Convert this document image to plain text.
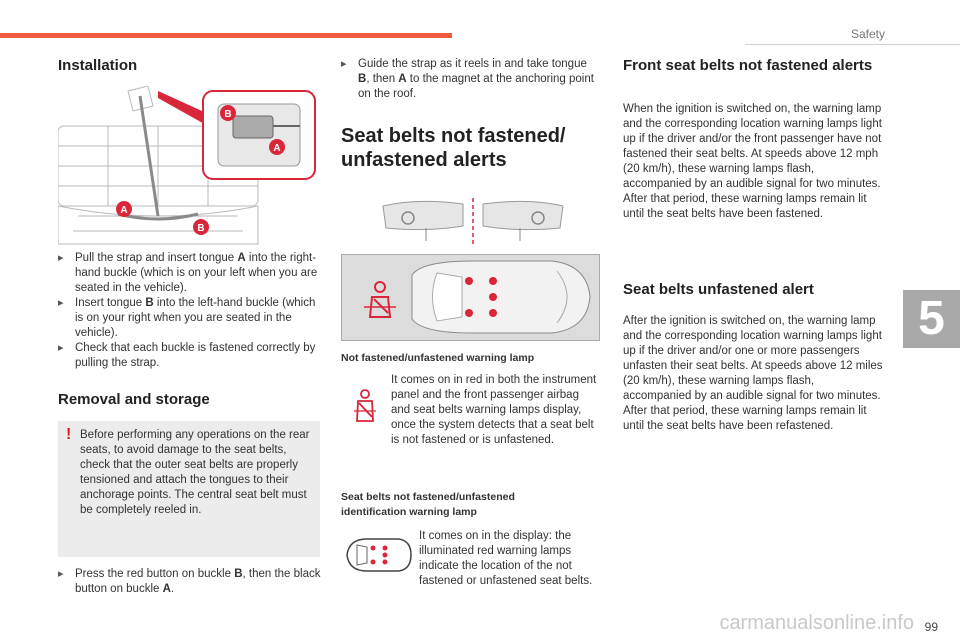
Safety
5
Installation
B
A
A
B

▸ Pull the strap and insert tongue A into the right-hand buckle (which is on your left when you are seated in the vehicle).

▸ Insert tongue B into the left-hand buckle (which is on your right when you are seated in the vehicle).

▸ Check that each buckle is fastened correctly by pulling the strap.

Removal and storage
! Before performing any operations on the rear seats, to avoid damage to the seat belts, check that the outer seat belts are properly tensioned and attach the tongues to their anchorage points. The central seat belt must be completely reeled in.

▸ Press the red button on buckle B, then the black button on buckle A.

▸ Guide the strap as it reels in and take tongue B, then A to the magnet at the anchoring point on the roof.

Seat belts not fastened/ unfastened alerts
Not fastened/unfastened warning lamp
It comes on in red in both the instrument panel and the front passenger airbag and seat belts warning lamps display, once the system detects that a seat belt is not fastened or is unfastened.
Seat belts not fastened/unfastened identification warning lamp
It comes on in the display: the illuminated red warning lamps indicate the location of the not fastened or unfastened seat belts.
Front seat belts not fastened alerts
When the ignition is switched on, the warning lamp and the corresponding location warning lamps light up if the driver and/or the front passenger have not fastened their seat belts. At speeds above 12 mph (20 km/h), these warning lamps flash, accompanied by an audible signal for two minutes. After that period, these warning lamps remain lit until the seat belts have been fastened.
Seat belts unfastened alert
After the ignition is switched on, the warning lamp and the corresponding location warning lamps light up if the driver and/or one or more passengers unfasten their seat belts. At speeds above 12 miles (20 km/h), these warning lamps flash, accompanied by an audible signal for two minutes. After that period, these warning lamps remain lit until the seat belts have been refastened.
carmanualsonline.info 99
